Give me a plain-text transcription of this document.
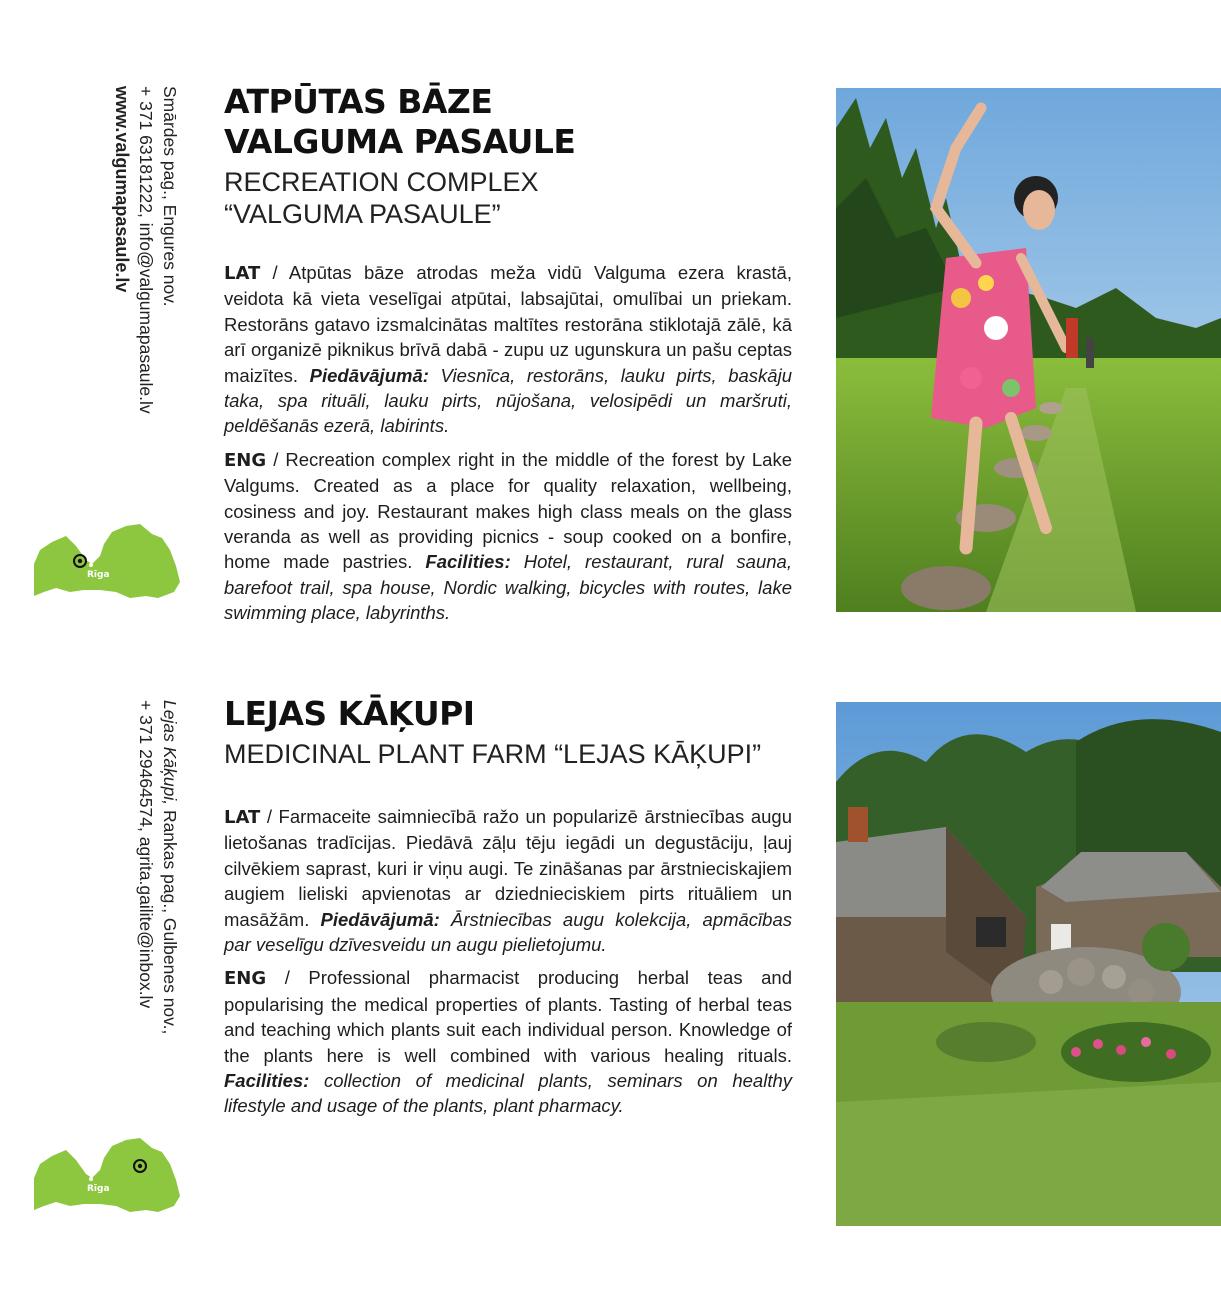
Smārdes pag., Engures nov.
+ 371 63181222, info@valgumapasaule.lv
www.valgumapasaule.lv
Rīga
ATPŪTAS BĀZE
VALGUMA PASAULE
RECREATION COMPLEX
“VALGUMA PASAULE”

LAT / Atpūtas bāze atrodas meža vidū Valguma ezera krastā, veidota kā vieta veselīgai atpūtai, labsajūtai, omulībai un priekam. Restorāns gatavo izsmalcinātas maltītes restorāna stiklotajā zālē, kā arī organizē piknikus brīvā dabā - zupu uz ugunskura un pašu ceptas maizītes. Piedāvājumā: Viesnīca, restorāns, lauku pirts, baskāju taka, spa rituāli, lauku pirts, nūjošana, velosipēdi un maršruti, peldēšanās ezerā, labirints.

ENG / Recreation complex right in the middle of the forest by Lake Valgums. Created as a place for quality relaxation, wellbeing, cosiness and joy. Restaurant makes high class meals on the glass veranda as well as providing picnics - soup cooked on a bonfire, home made pastries. Facilities: Hotel, restaurant, rural sauna, barefoot trail, spa house, Nordic walking, bicycles with routes, lake swimming place, labyrinths.

Lejas Kāķupi, Rankas pag., Gulbenes nov.,
+ 371 29464574, agrita.gailite@inbox.lv
Rīga
LEJAS KĀĶUPI
MEDICINAL PLANT FARM “LEJAS KĀĶUPI”

LAT / Farmaceite saimniecībā ražo un popularizē ārstniecības augu lietošanas tradīcijas. Piedāvā zāļu tēju iegādi un degustāciju, ļauj cilvēkiem saprast, kuri ir viņu augi. Te zināšanas par ārstnieciskajiem augiem lieliski apvienotas ar dziednieciskiem pirts rituāliem un masāžām. Piedāvājumā: Ārstniecības augu kolekcija, apmācības par veselīgu dzīvesveidu un augu pielietojumu.

ENG / Professional pharmacist producing herbal teas and popularising the medical properties of plants. Tasting of herbal teas and teaching which plants suit each individual person. Knowledge of the plants here is well combined with various healing rituals. Facilities: collection of medicinal plants, seminars on healthy lifestyle and usage of the plants, plant pharmacy.
